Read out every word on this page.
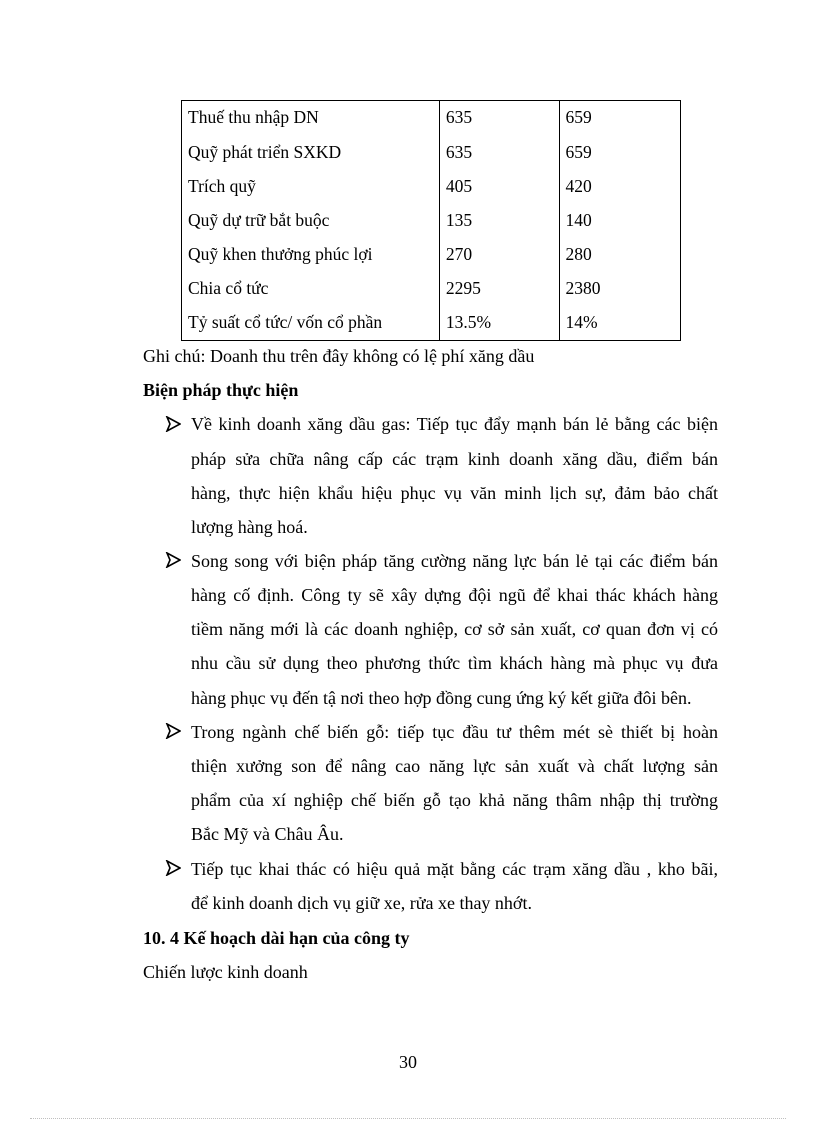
Thuế thu nhập DN	635	659
Quỹ phát triển SXKD	635	659
Trích quỹ	405	420
Quỹ dự trữ bắt buộc	135	140
Quỹ khen thưởng phúc lợi	270	280
Chia cổ tức	2295	2380
Tỷ suất cổ tức/ vốn cổ phần	13.5%	14%
Ghi chú: Doanh thu trên đây không có lệ phí xăng dầu
Biện pháp thực hiện
Về kinh doanh xăng dầu gas: Tiếp tục đẩy mạnh bán lẻ bằng các biện
pháp sửa chữa nâng cấp các trạm kinh doanh xăng dầu, điểm bán
hàng, thực hiện khẩu hiệu phục vụ văn minh lịch sự, đảm bảo chất
lượng hàng hoá.
Song song với biện pháp tăng cường năng lực bán lẻ tại các điểm bán
hàng cố định. Công ty sẽ xây dựng đội ngũ để khai thác khách hàng
tiềm năng mới là các doanh nghiệp, cơ sở sản xuất, cơ quan đơn vị có
nhu cầu sử dụng theo phương thức tìm khách hàng mà phục vụ đưa
hàng phục vụ đến tậ nơi theo hợp đồng cung ứng ký kết giữa đôi bên.
Trong ngành chế biến gỗ: tiếp tục đầu tư thêm mét sè thiết bị hoàn
thiện xưởng son để nâng cao năng lực sản xuất và chất lượng sản
phẩm của xí nghiệp chế biến gỗ tạo khả năng thâm nhập thị trường
Bắc Mỹ và Châu Âu.
Tiếp tục khai thác có hiệu quả mặt bằng các trạm xăng dầu , kho bãi,
để kinh doanh dịch vụ giữ xe, rửa xe thay nhớt.
10. 4 Kế hoạch dài hạn của công ty
Chiến lược kinh doanh
30
